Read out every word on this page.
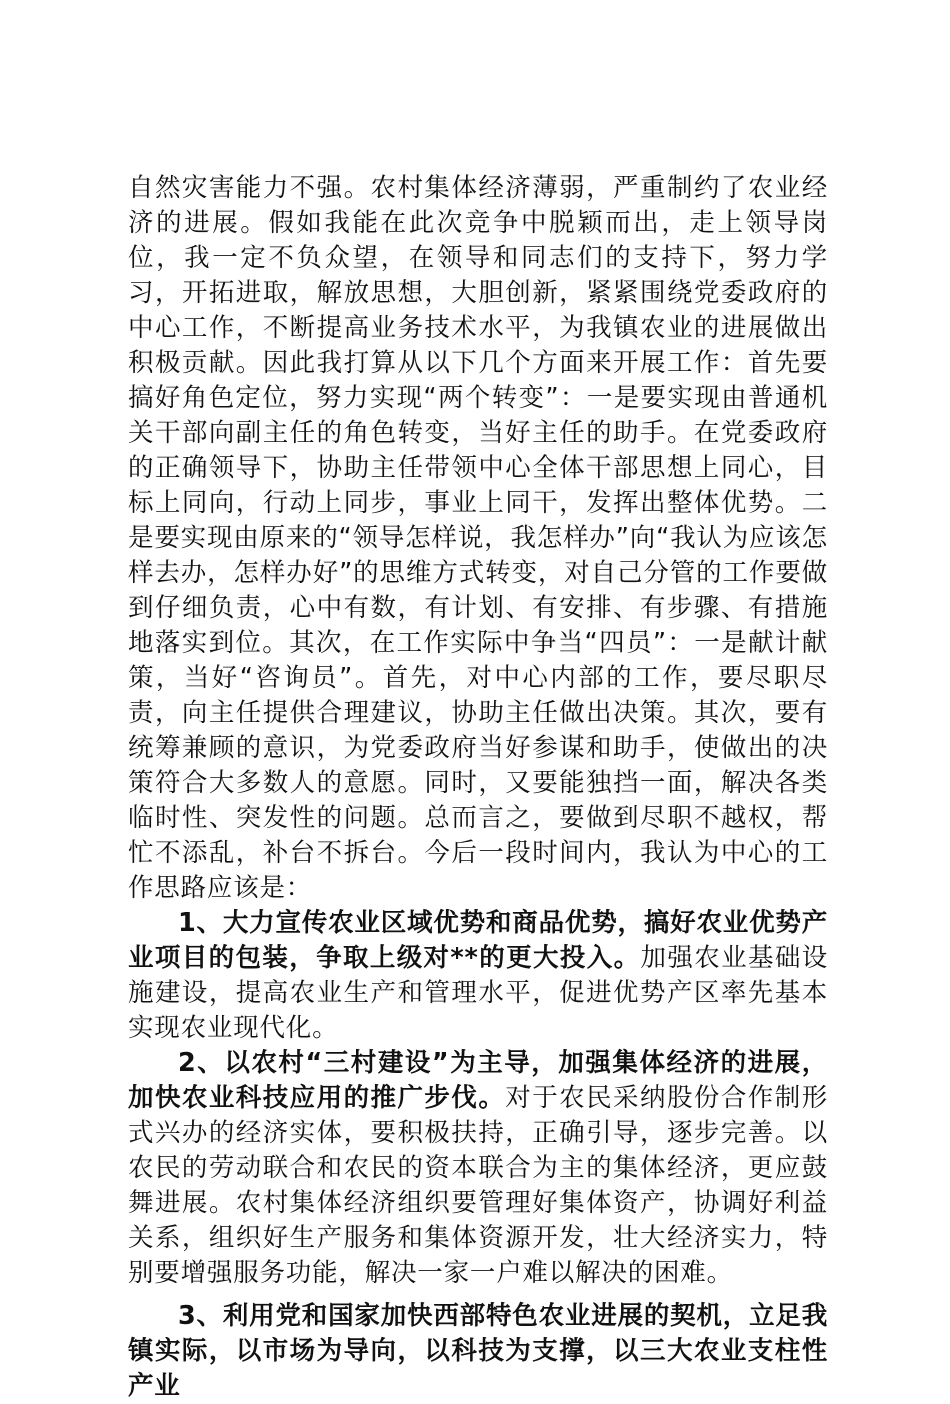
自然灾害能力不强。农村集体经济薄弱，严重制约了农业经济的进展。假如我能在此次竞争中脱颖而出，走上领导岗位，我一定不负众望，在领导和同志们的支持下，努力学习，开拓进取，解放思想，大胆创新，紧紧围绕党委政府的中心工作，不断提高业务技术水平，为我镇农业的进展做出积极贡献。因此我打算从以下几个方面来开展工作：首先要搞好角色定位，努力实现“两个转变”：一是要实现由普通机关干部向副主任的角色转变，当好主任的助手。在党委政府的正确领导下，协助主任带领中心全体干部思想上同心，目标上同向，行动上同步，事业上同干，发挥出整体优势。二是要实现由原来的“领导怎样说，我怎样办”向“我认为应该怎样去办，怎样办好”的思维方式转变，对自己分管的工作要做到仔细负责，心中有数，有计划、有安排、有步骤、有措施地落实到位。其次，在工作实际中争当“四员”：一是献计献策，当好“咨询员”。首先，对中心内部的工作，要尽职尽责，向主任提供合理建议，协助主任做出决策。其次，要有统筹兼顾的意识，为党委政府当好参谋和助手，使做出的决策符合大多数人的意愿。同时，又要能独挡一面，解决各类临时性、突发性的问题。总而言之，要做到尽职不越权，帮忙不添乱，补台不拆台。今后一段时间内，我认为中心的工作思路应该是：

1、大力宣传农业区域优势和商品优势，搞好农业优势产业项目的包装，争取上级对**的更大投入。加强农业基础设施建设，提高农业生产和管理水平，促进优势产区率先基本实现农业现代化。

2、以农村“三村建设”为主导，加强集体经济的进展，加快农业科技应用的推广步伐。对于农民采纳股份合作制形式兴办的经济实体，要积极扶持，正确引导，逐步完善。以农民的劳动联合和农民的资本联合为主的集体经济，更应鼓舞进展。农村集体经济组织要管理好集体资产，协调好利益关系，组织好生产服务和集体资源开发，壮大经济实力，特别要增强服务功能，解决一家一户难以解决的困难。

3、利用党和国家加快西部特色农业进展的契机，立足我镇实际，以市场为导向，以科技为支撑，以三大农业支柱性产业
